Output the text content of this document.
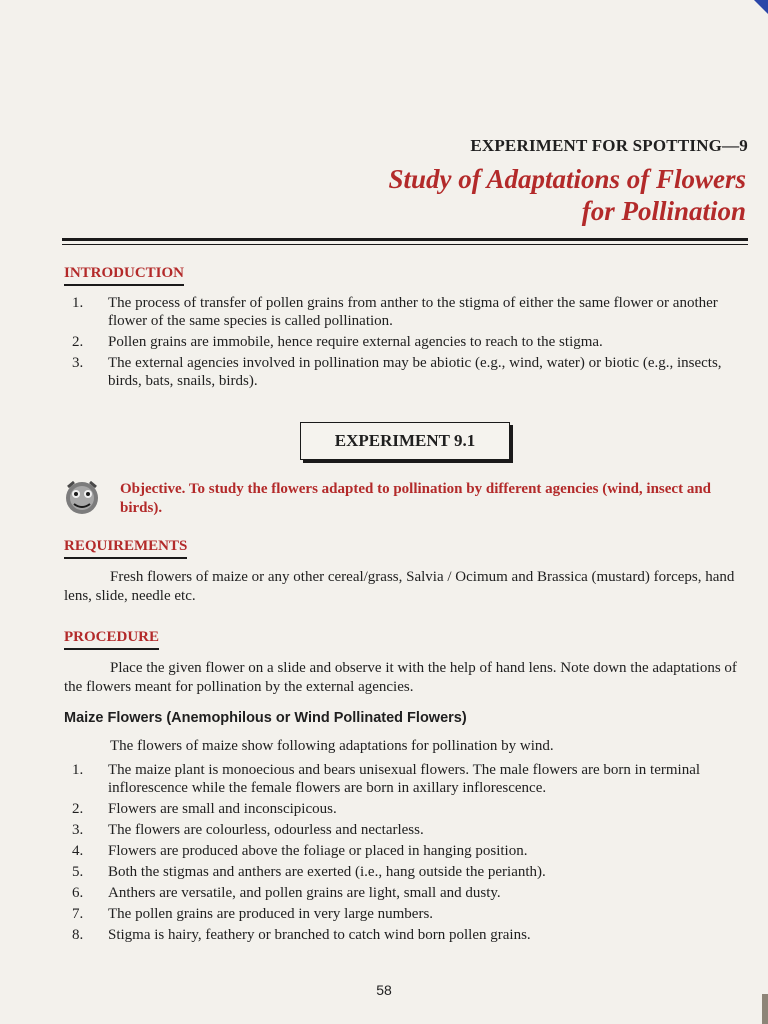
EXPERIMENT FOR SPOTTING—9
Study of Adaptations of Flowers
for Pollination
INTRODUCTION
1. The process of transfer of pollen grains from anther to the stigma of either the same flower or another flower of the same species is called pollination.
2. Pollen grains are immobile, hence require external agencies to reach to the stigma.
3. The external agencies involved in pollination may be abiotic (e.g., wind, water) or biotic (e.g., insects, birds, bats, snails, birds).
EXPERIMENT 9.1
Objective. To study the flowers adapted to pollination by different agencies (wind, insect and birds).
REQUIREMENTS
Fresh flowers of maize or any other cereal/grass, Salvia / Ocimum and Brassica (mustard) forceps, hand lens, slide, needle etc.
PROCEDURE
Place the given flower on a slide and observe it with the help of hand lens. Note down the adaptations of the flowers meant for pollination by the external agencies.
Maize Flowers (Anemophilous or Wind Pollinated Flowers)
The flowers of maize show following adaptations for pollination by wind.
1. The maize plant is monoecious and bears unisexual flowers. The male flowers are born in terminal inflorescence while the female flowers are born in axillary inflorescence.
2. Flowers are small and inconscipicous.
3. The flowers are colourless, odourless and nectarless.
4. Flowers are produced above the foliage or placed in hanging position.
5. Both the stigmas and anthers are exerted (i.e., hang outside the perianth).
6. Anthers are versatile, and pollen grains are light, small and dusty.
7. The pollen grains are produced in very large numbers.
8. Stigma is hairy, feathery or branched to catch wind born pollen grains.
58
